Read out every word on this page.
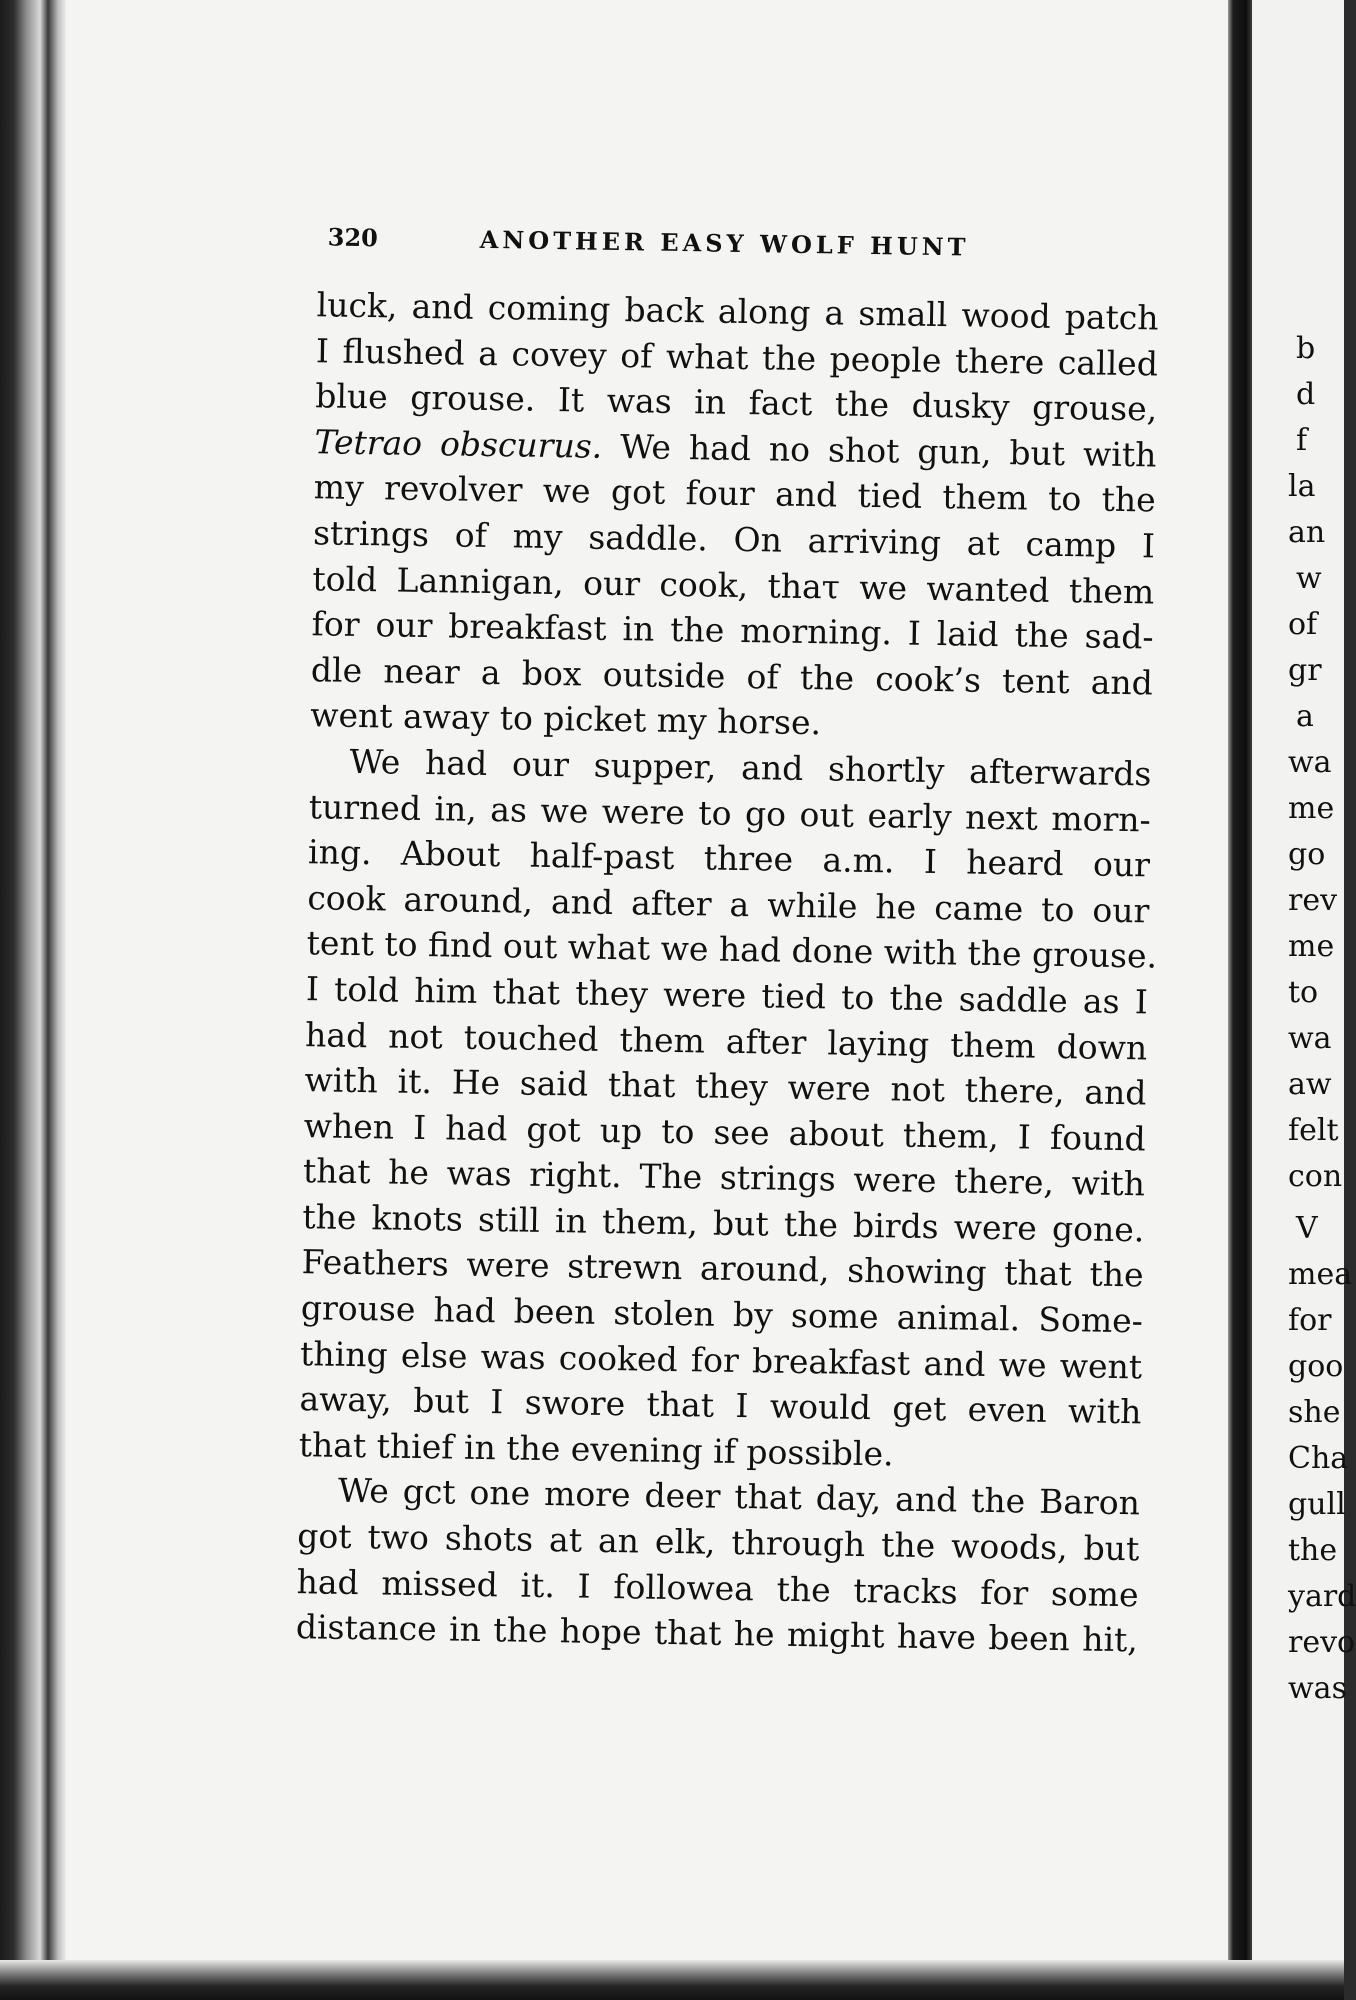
320	ANOTHER EASY WOLF HUNT
luck, and coming back along a small wood patch
I flushed a covey of what the people there called
blue grouse. It was in fact the dusky grouse,
Tetrao obscurus. We had no shot gun, but with
my revolver we got four and tied them to the
strings of my saddle. On arriving at camp I
told Lannigan, our cook, thaτ we wanted them
for our breakfast in the morning. I laid the sad-
dle near a box outside of the cook’s tent and
went away to picket my horse.
We had our supper, and shortly afterwards
turned in, as we were to go out early next morn-
ing. About half-past three a.m. I heard our
cook around, and after a while he came to our
tent to find out what we had done with the grouse.
I told him that they were tied to the saddle as I
had not touched them after laying them down
with it. He said that they were not there, and
when I had got up to see about them, I found
that he was right. The strings were there, with
the knots still in them, but the birds were gone.
Feathers were strewn around, showing that the
grouse had been stolen by some animal. Some-
thing else was cooked for breakfast and we went
away, but I swore that I would get even with
that thief in the evening if possible.
We gct one more deer that day, and the Baron
got two shots at an elk, through the woods, but
had missed it. I followea the tracks for some
distance in the hope that he might have been hit,
b
d
f
la
an
w
of
gr
a
wa
me
go
rev
me
to
wa
aw
felt
con
V
mea
for
goo
she
Cha
gull
the
yard
revo
was
